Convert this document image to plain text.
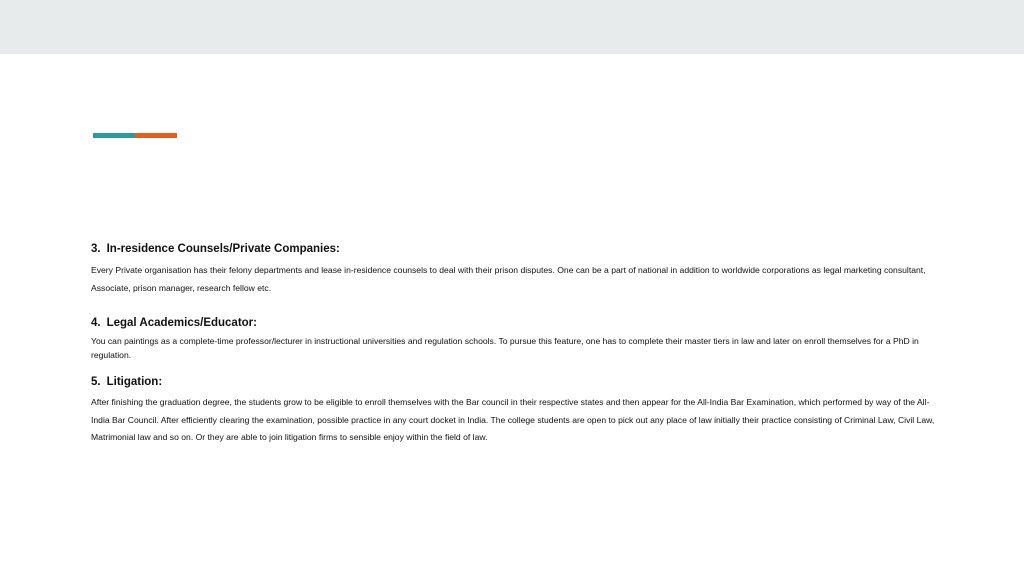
3. In-residence Counsels/Private Companies:

Every Private organisation has their felony departments and lease in-residence counsels to deal with their prison disputes. One can be a part of national in addition to worldwide corporations as legal marketing consultant, Associate, prison manager, research fellow etc.

4. Legal Academics/Educator:

You can paintings as a complete-time professor/lecturer in instructional universities and regulation schools. To pursue this feature, one has to complete their master tiers in law and later on enroll themselves for a PhD in regulation.

5. Litigation:

After finishing the graduation degree, the students grow to be eligible to enroll themselves with the Bar council in their respective states and then appear for the All-India Bar Examination, which performed by way of the All-India Bar Council. After efficiently clearing the examination, possible practice in any court docket in India. The college students are open to pick out any place of law initially their practice consisting of Criminal Law, Civil Law, Matrimonial law and so on. Or they are able to join litigation firms to sensible enjoy within the field of law.
